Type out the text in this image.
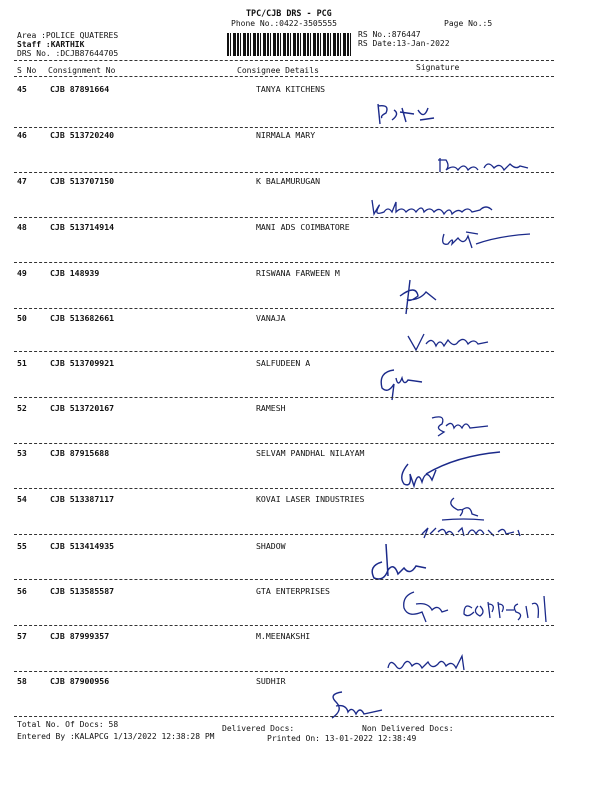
TPC/CJB DRS - PCG
Phone No.:0422-3505555	Page No.:5
Area :POLICE QUATERES
Staff :KARTHIK
DRS No. :DCJB87644705
RS No.:876447
RS Date:13-Jan-2022
S No Consignment No	Consignee Details	Signature
45	CJB 87891664	TANYA KITCHENS
46	CJB 513720240	NIRMALA MARY
47	CJB 513707150	K BALAMURUGAN
48	CJB 513714914	MANI ADS COIMBATORE
49	CJB 148939	RISWANA FARWEEN M
50	CJB 513682661	VANAJA
51	CJB 513709921	SALFUDEEN A
52	CJB 513720167	RAMESH
53	CJB 87915688	SELVAM PANDHAL NILAYAM
54	CJB 513387117	KOVAI LASER INDUSTRIES
55	CJB 513414935	SHADOW
56	CJB 513585587	GTA ENTERPRISES
57	CJB 87999357	M.MEENAKSHI
58	CJB 87900956	SUDHIR
Total No. Of Docs: 58	Delivered Docs:	Non Delivered Docs:
Entered By :KALAPCG 1/13/2022 12:38:28 PM	Printed On: 13-01-2022 12:38:49
